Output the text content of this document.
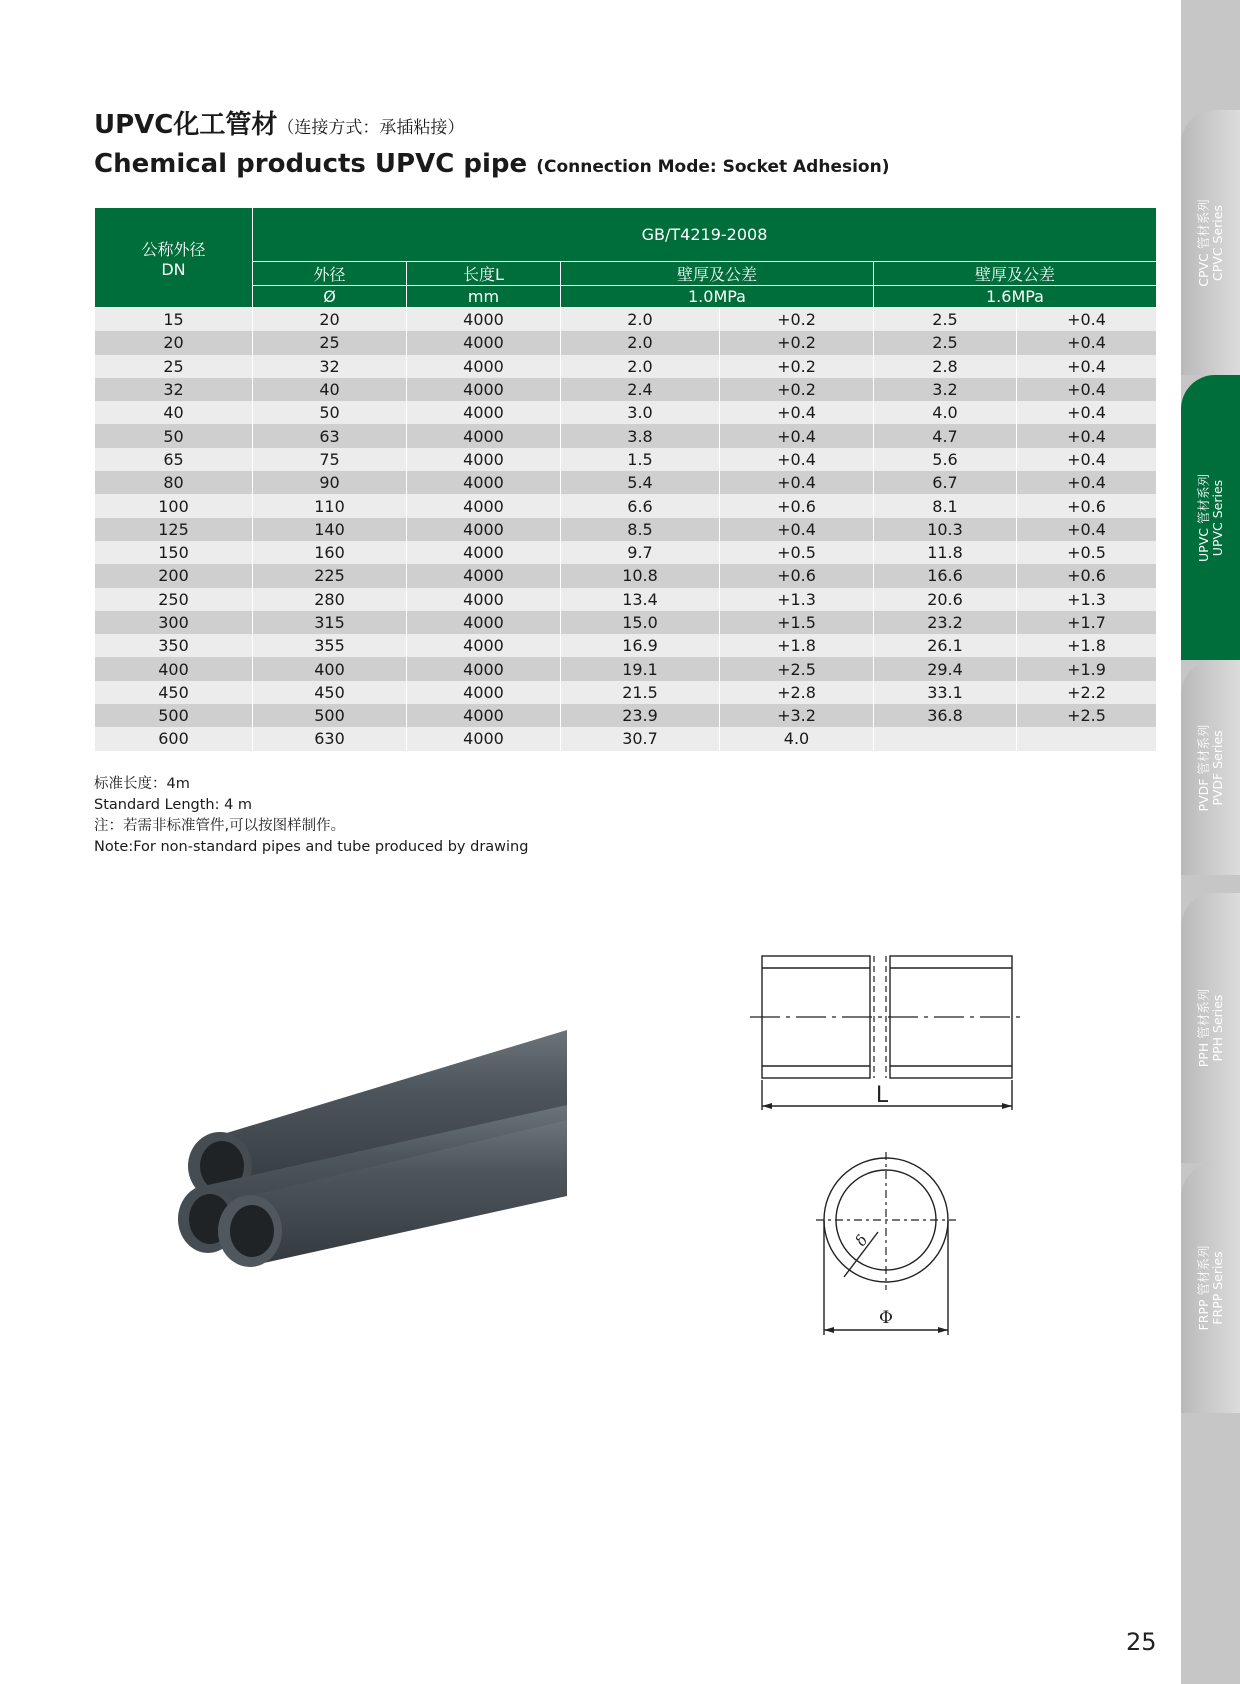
UPVC化工管材（连接方式：承插粘接）
Chemical products UPVC pipe (Connection Mode: Socket Adhesion)
公称外径
DN	GB/T4219-2008					
	外径	长度L	壁厚及公差		壁厚及公差	
	Ø	mm	1.0MPa		1.6MPa	
15	20	4000	2.0	+0.2	2.5	+0.4
20	25	4000	2.0	+0.2	2.5	+0.4
25	32	4000	2.0	+0.2	2.8	+0.4
32	40	4000	2.4	+0.2	3.2	+0.4
40	50	4000	3.0	+0.4	4.0	+0.4
50	63	4000	3.8	+0.4	4.7	+0.4
65	75	4000	1.5	+0.4	5.6	+0.4
80	90	4000	5.4	+0.4	6.7	+0.4
100	110	4000	6.6	+0.6	8.1	+0.6
125	140	4000	8.5	+0.4	10.3	+0.4
150	160	4000	9.7	+0.5	11.8	+0.5
200	225	4000	10.8	+0.6	16.6	+0.6
250	280	4000	13.4	+1.3	20.6	+1.3
300	315	4000	15.0	+1.5	23.2	+1.7
350	355	4000	16.9	+1.8	26.1	+1.8
400	400	4000	19.1	+2.5	29.4	+1.9
450	450	4000	21.5	+2.8	33.1	+2.2
500	500	4000	23.9	+3.2	36.8	+2.5
600	630	4000	30.7	4.0		
标准长度：4m
Standard Length: 4 m
注：若需非标准管件,可以按图样制作。
Note:For non-standard pipes and tube produced by drawing
L
δ
Φ
CPVC 管材系列 CPVC Series
UPVC 管材系列 UPVC Series
PVDF 管材系列 PVDF Series
PPH 管材系列 PPH Series
FRPP 管材系列 FRPP Series
25
